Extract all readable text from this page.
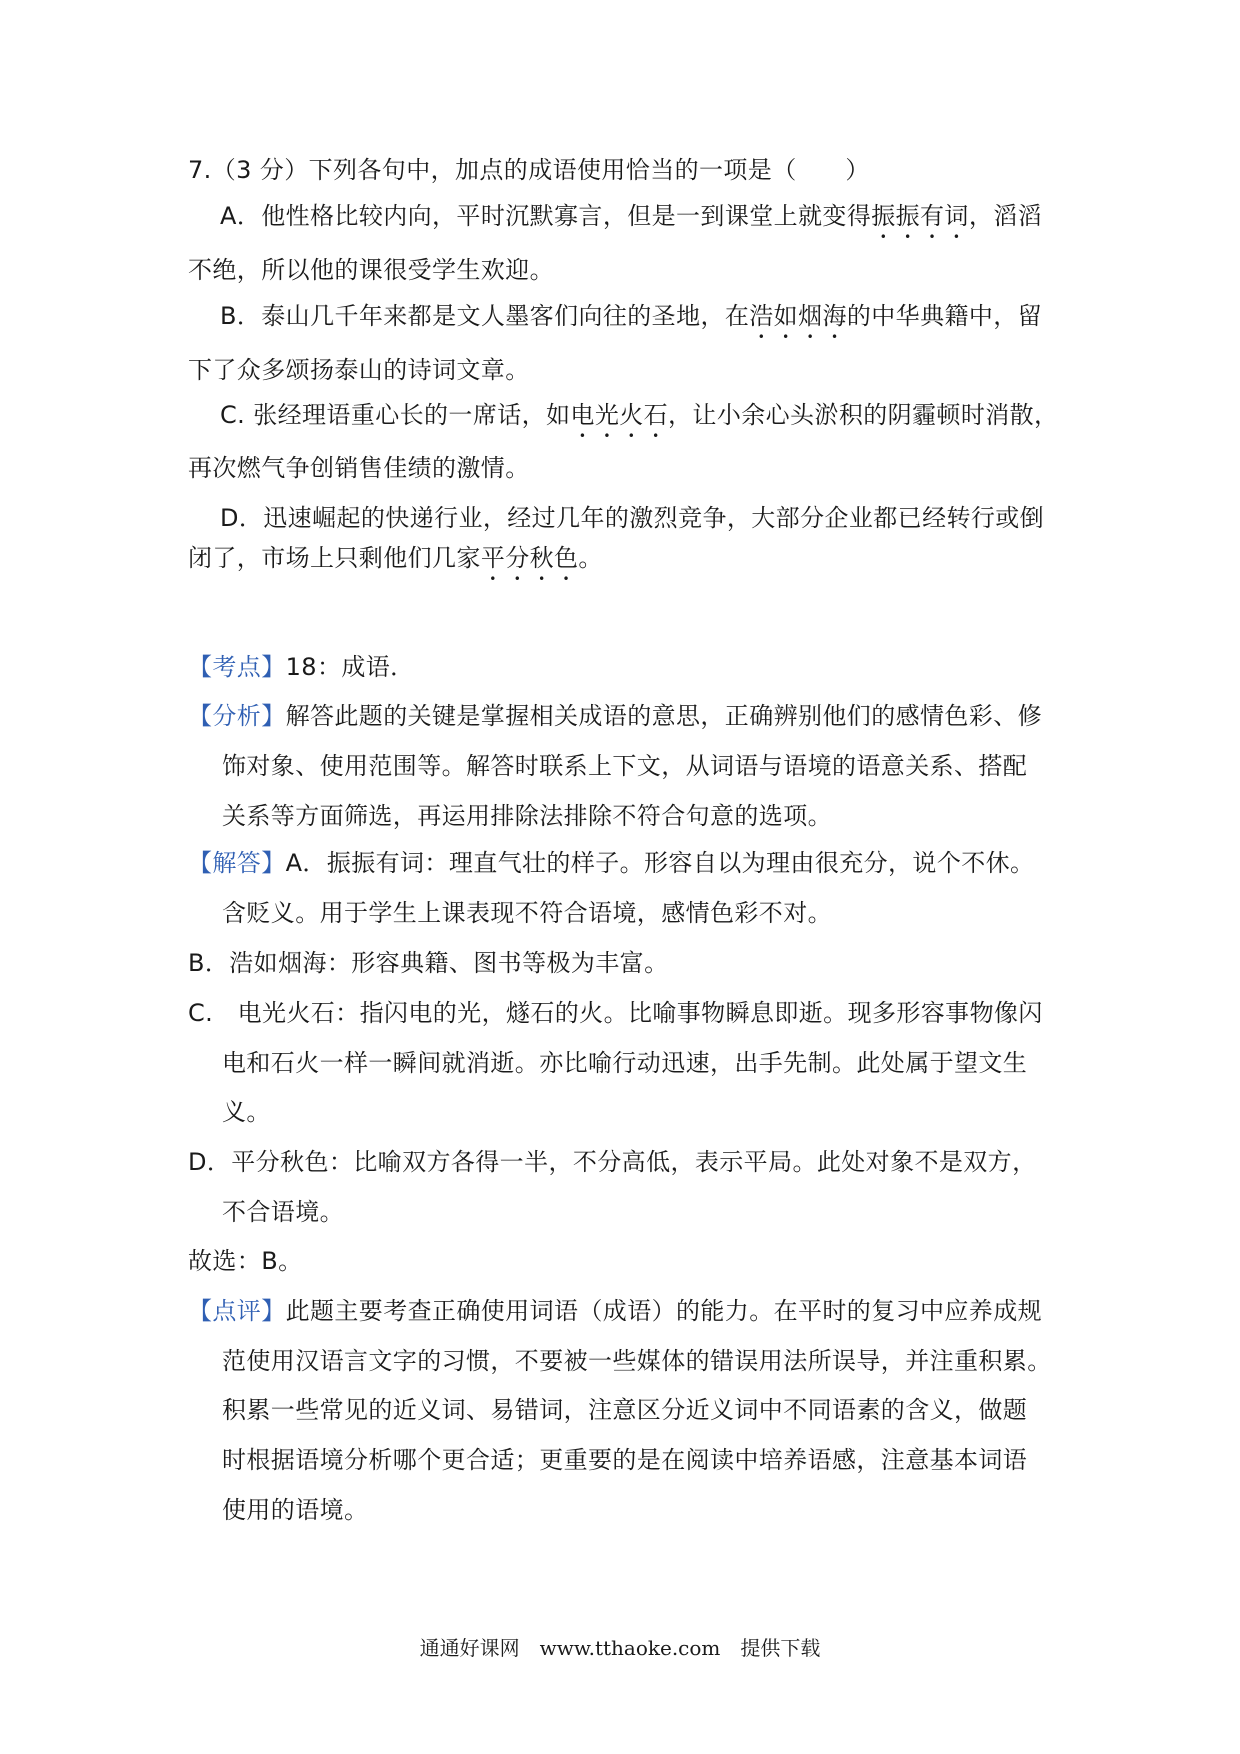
7.（3 分）下列各句中，加点的成语使用恰当的一项是（　　）
A．他性格比较内向，平时沉默寡言，但是一到课堂上就变得振振有词，滔滔
不绝，所以他的课很受学生欢迎。
B．泰山几千年来都是文人墨客们向往的圣地，在浩如烟海的中华典籍中，留
下了众多颂扬泰山的诗词文章。
C. 张经理语重心长的一席话，如电光火石，让小余心头淤积的阴霾顿时消散，
再次燃气争创销售佳绩的激情。
D．迅速崛起的快递行业，经过几年的激烈竞争，大部分企业都已经转行或倒
闭了，市场上只剩他们几家平分秋色。
【考点】18：成语．
【分析】解答此题的关键是掌握相关成语的意思，正确辨别他们的感情色彩、修
饰对象、使用范围等。解答时联系上下文，从词语与语境的语意关系、搭配
关系等方面筛选，再运用排除法排除不符合句意的选项。
【解答】A．振振有词：理直气壮的样子。形容自以为理由很充分，说个不休。
含贬义。用于学生上课表现不符合语境，感情色彩不对。
B．浩如烟海：形容典籍、图书等极为丰富。
C.　电光火石：指闪电的光，燧石的火。比喻事物瞬息即逝。现多形容事物像闪
电和石火一样一瞬间就消逝。亦比喻行动迅速，出手先制。此处属于望文生
义。
D．平分秋色：比喻双方各得一半，不分高低，表示平局。此处对象不是双方，
不合语境。
故选：B。
【点评】此题主要考查正确使用词语（成语）的能力。在平时的复习中应养成规
范使用汉语言文字的习惯，不要被一些媒体的错误用法所误导，并注重积累。
积累一些常见的近义词、易错词，注意区分近义词中不同语素的含义，做题
时根据语境分析哪个更合适；更重要的是在阅读中培养语感，注意基本词语
使用的语境。
通通好课网　www.tthaoke.com　提供下载
